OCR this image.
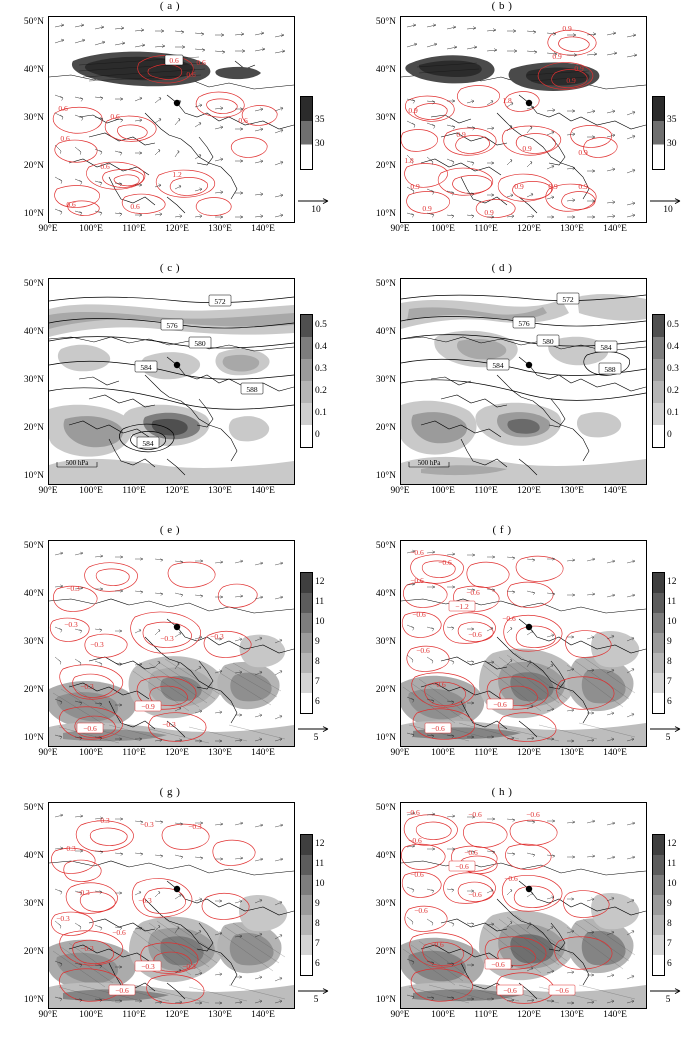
( a )
0.6 0.6
0.6
0.6
0.6
0.6
0.6
0.6
1.2
0.6	0.6
90°E 100°E 110°E 120°E 130°E 140°E
10°N
20°N
30°N
40°N
50°N
35
30
10
( b )
0.9
0.9
0.9
0.9
1.8
0.9
0.9
1.8
0.9	0.9
0.9	0.9	0.9	0.9
0.9	0.9
90°E 100°E 110°E 120°E 130°E 140°E
10°N
20°N
30°N
40°N
50°N
35
30
10
( c )
572
576
580
584
588
584
500 hPa
90°E 100°E 110°E 120°E 130°E 140°E
10°N
20°N
30°N
40°N
50°N
0.5
0.4
0.3
0.2
0.1
0
( d )
572
576
580
584
584	588
500 hPa
90°E 100°E 110°E 120°E 130°E 140°E
10°N
20°N
30°N
40°N
50°N
0.5
0.4
0.3
0.2
0.1
0
( e )
−0.3
−0.3
−0.3	−0.3
−0.3
−0.3
−0.9
−0.6	−0.3
90°E 100°E 110°E 120°E 130°E 140°E
10°N
20°N
30°N
40°N
50°N
12
11
10
9
8
7
6
5
( f )
−0.6
−0.6
−0.6
−0.6
−1.2
−0.6
−0.6
−0.6
−0.6
−0.6
−0.6
−0.6
90°E 100°E 110°E 120°E 130°E 140°E
10°N
20°N
30°N
40°N
50°N
12
11
10
9
8
7
6
5
( g )
−0.3	−0.3	−0.3
−0.3
−0.3
−0.3
−0.3
−0.6
−0.3
−0.3	−0.3
−0.6
90°E 100°E 110°E 120°E 130°E 140°E
10°N
20°N
30°N
40°N
50°N
12
11
10
9
8
7
6
5
( h )
−0.6	−0.6	−0.6
−0.6
−0.6
−0.6
−0.6
−0.6
−0.6
−0.6
−0.6
−0.6
−0.6	−0.6
90°E 100°E 110°E 120°E 130°E 140°E
10°N
20°N
30°N
40°N
50°N
12
11
10
9
8
7
6
5
